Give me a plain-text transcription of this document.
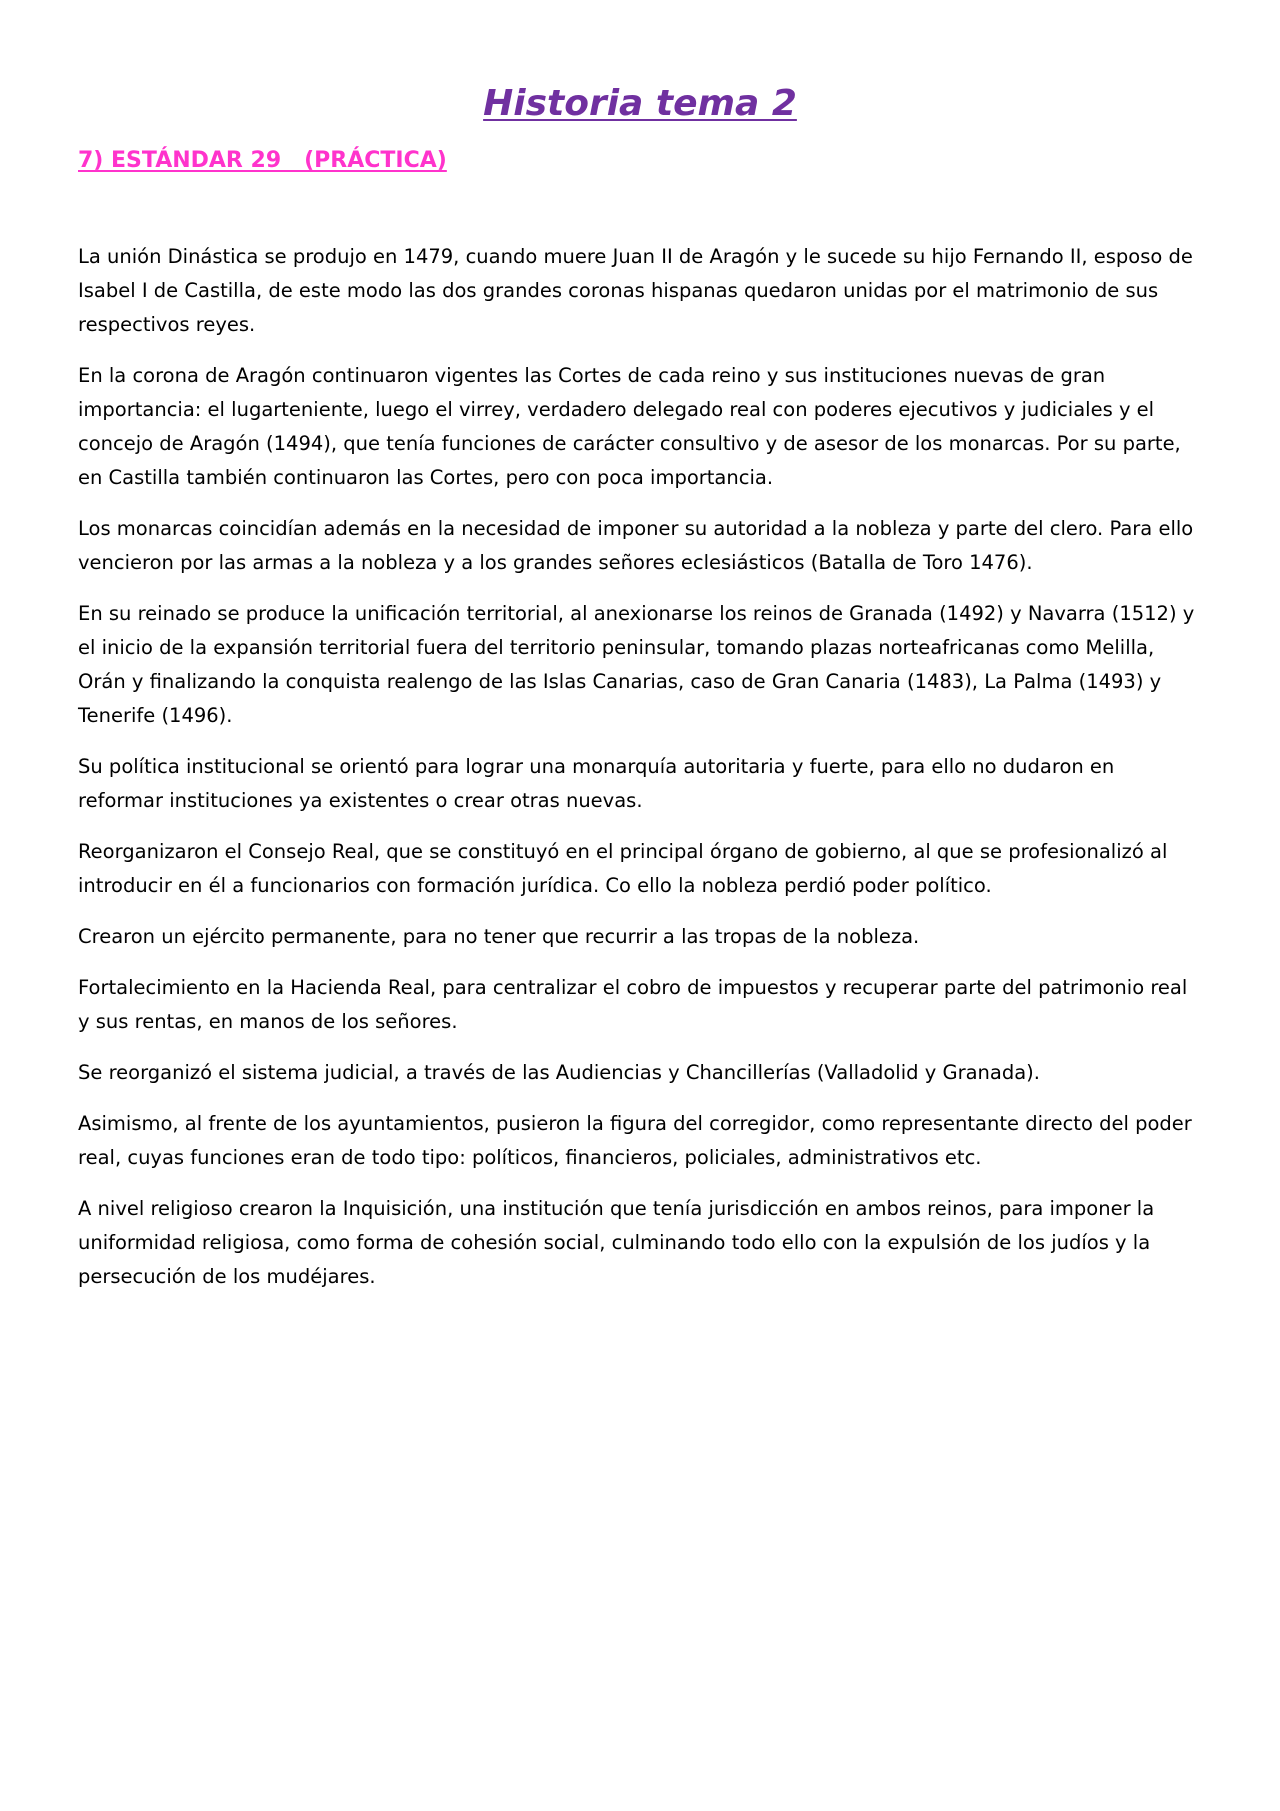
Historia tema 2
7) ESTÁNDAR 29   (PRÁCTICA)

La unión Dinástica se produjo en 1479, cuando muere Juan II de Aragón y le sucede su hijo Fernando II, esposo de Isabel I de Castilla, de este modo las dos grandes coronas hispanas quedaron unidas por el matrimonio de sus respectivos reyes.

En la corona de Aragón continuaron vigentes las Cortes de cada reino y sus instituciones nuevas de gran importancia: el lugarteniente, luego el virrey, verdadero delegado real con poderes ejecutivos y judiciales y el concejo de Aragón (1494), que tenía funciones de carácter consultivo y de asesor de los monarcas. Por su parte, en Castilla también continuaron las Cortes, pero con poca importancia.

Los monarcas coincidían además en la necesidad de imponer su autoridad a la nobleza y parte del clero. Para ello vencieron por las armas a la nobleza y a los grandes señores eclesiásticos (Batalla de Toro 1476).

En su reinado se produce la unificación territorial, al anexionarse los reinos de Granada (1492) y Navarra (1512) y el inicio de la expansión territorial fuera del territorio peninsular, tomando plazas norteafricanas como Melilla, Orán y finalizando la conquista realengo de las Islas Canarias, caso de Gran Canaria (1483), La Palma (1493) y Tenerife (1496).

Su política institucional se orientó para lograr una monarquía autoritaria y fuerte, para ello no dudaron en reformar instituciones ya existentes o crear otras nuevas.

Reorganizaron el Consejo Real, que se constituyó en el principal órgano de gobierno, al que se profesionalizó al introducir en él a funcionarios con formación jurídica. Co ello la nobleza perdió poder político.

Crearon un ejército permanente, para no tener que recurrir a las tropas de la nobleza.

Fortalecimiento en la Hacienda Real, para centralizar el cobro de impuestos y recuperar parte del patrimonio real y sus rentas, en manos de los señores.

Se reorganizó el sistema judicial, a través de las Audiencias y Chancillerías (Valladolid y Granada).

Asimismo, al frente de los ayuntamientos, pusieron la figura del corregidor, como representante directo del poder real, cuyas funciones eran de todo tipo: políticos, financieros, policiales, administrativos etc.

A nivel religioso crearon la Inquisición, una institución que tenía jurisdicción en ambos reinos, para imponer la uniformidad religiosa, como forma de cohesión social, culminando todo ello con la expulsión de los judíos y la persecución de los mudéjares.
